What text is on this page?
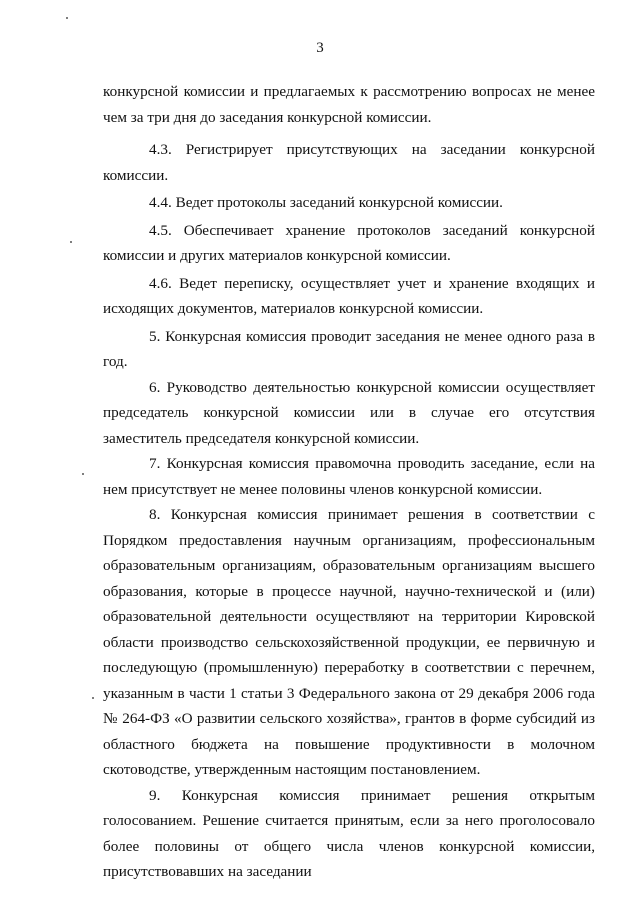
3

конкурсной комиссии и предлагаемых к рассмотрению вопросах не менее чем за три дня до заседания конкурсной комиссии.

4.3. Регистрирует присутствующих на заседании конкурсной комиссии.

4.4. Ведет протоколы заседаний конкурсной комиссии.

4.5. Обеспечивает хранение протоколов заседаний конкурсной комиссии и других материалов конкурсной комиссии.

4.6. Ведет переписку, осуществляет учет и хранение входящих и исходящих документов, материалов конкурсной комиссии.

5. Конкурсная комиссия проводит заседания не менее одного раза в год.

6. Руководство деятельностью конкурсной комиссии осуществляет председатель конкурсной комиссии или в случае его отсутствия заместитель председателя конкурсной комиссии.

7. Конкурсная комиссия правомочна проводить заседание, если на нем присутствует не менее половины членов конкурсной комиссии.

8. Конкурсная комиссия принимает решения в соответствии с Порядком предоставления научным организациям, профессиональным образовательным организациям, образовательным организациям высшего образования, которые в процессе научной, научно-технической и (или) образовательной деятельности осуществляют на территории Кировской области производство сельскохозяйственной продукции, ее первичную и последующую (промышленную) переработку в соответствии с перечнем, указанным в части 1 статьи 3 Федерального закона от 29 декабря 2006 года № 264-ФЗ «О развитии сельского хозяйства», грантов в форме субсидий из областного бюджета на повышение продуктивности в молочном скотоводстве, утвержденным настоящим постановлением.

9. Конкурсная комиссия принимает решения открытым голосованием. Решение считается принятым, если за него проголосовало более половины от общего числа членов конкурсной комиссии, присутствовавших на заседании
